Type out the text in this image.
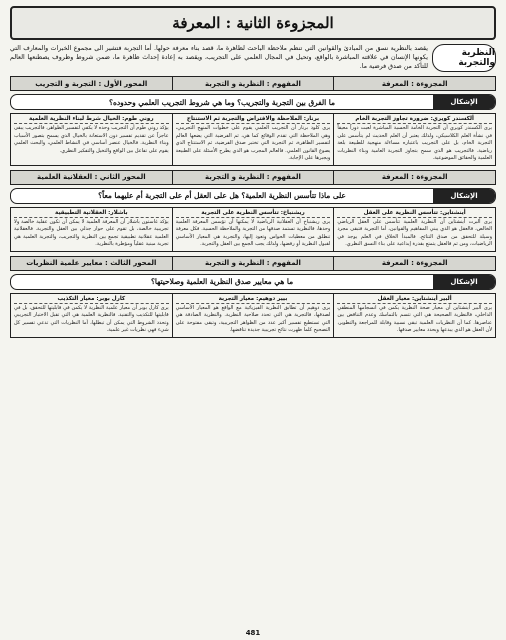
المجزوءة الثانية : المعرفة
النظرية والتجربة
يقصد بالنظرية نسق من المبادئ والقوانين التي تنظم ملاحظة الباحث لظاهرة ما، قصد بناء معرفة حولها. أما التجربة فتشير الى مجموع الخبرات والمعارف التي يكونها الإنسان في علاقته المباشرة بالواقع، وتحيل في المجال العلمي على التجريب، ويقصد به إعادة إحداث ظاهرة ما، ضمن شروط وظروف يصطنعها العالم للتأكد من صدق فرضية ما.
المجزوءة : المعرفة
المفهوم : النظرية و التجربة
المحور الأول : التجربة و التجريب
الإشكال
ما الفرق بين التجربة والتجريب؟ وما هي شروط التجريب العلمي وحدوده؟
ألكسندر كويري: ضرورة تجاوز التجربة الخام
يرى ألكسندر كويري أن التجربة الخامة الحسية المباشرة لعبت دوراً معيقاً في نشأة العلم الكلاسيكي، ولذلك يعتبر أن العلم الحديث لم يتأسس على التجربة الخام، بل على التجريب باعتباره مساءلة منهجية للطبيعة بلغة رياضية. فالتجريب هو الذي سمح بتجاوز التجربة العامية وبناء النظريات العلمية والحقائق الموضوعية.
برنار: الملاحظة والافتراض والتجربة ثم الاستنتاج
يرى كلود برنار أن التجريب العلمي يقوم على خطوات المنهج التجريبي، وهي الملاحظة التي تقدم الوقائع كما هي، ثم الفرضية التي يضعها العالم لتفسير الظاهرة، ثم التجربة التي تختبر صدق الفرضية، ثم الاستنتاج الذي يصوغ القانون العلمي. فالعالم المجرب هو الذي يطرح الأسئلة على الطبيعة ويجبرها على الإجابة.
روني طوم: الخيال شرط لبناء النظرية العلمية
يؤكد روني طوم أن التجريب وحده لا يكفي لتفسير الظواهر، فالتجريب يبقى عاجزاً عن تقديم تفسير دون الاستعانة بالخيال الذي يسمح بتصور الأسباب وبناء النظرية. فالخيال عنصر أساسي في النشاط العلمي، والبحث العلمي يقوم على تفاعل بين الواقع والتخيل والتفكير النظري.
المجزوءة : المعرفة
المفهوم : النظرية و التجربة
المحور الثاني : العقلانية العلمية
الإشكال
على ماذا تتأسس النظرية العلمية؟ هل على العقل أم على التجربة أم عليهما معاً؟
أينشتاين: تتأسس النظرية على العقل
يرى ألبرت أينشتاين أن النظرية العلمية تتأسس على العقل الرياضي الخالص، فالعقل هو الذي يبني المفاهيم والقوانين، أما التجربة فتبقى مجرد وسيلة للتحقق من صدق النتائج. فالمبدأ الخلاق في العلم يوجد في الرياضيات، ومن ثم فالعقل يتمتع بقدرة إبداعية على بناء النسق النظري.
ريشنباخ: تتأسس النظرية على التجربة
يرى ريشنباخ أن العقلانية الرياضية لا يمكنها أن تؤسس المعرفة العلمية وحدها، فالنظرية تستمد صدقها من التجربة والملاحظة الحسية. فكل معرفة تنطلق من معطيات الحواس وتعود إليها، والتجربة هي المعيار الأساسي لقبول النظرية أو رفضها، ولذلك يجب الجمع بين العقل والتجربة.
باشلار: العقلانية التطبيقية
يؤكد غاستون باشلار أن المعرفة العلمية لا يمكن أن تكون عقلية خالصة ولا تجريبية خالصة، بل تقوم على حوار جدلي بين العقل والتجربة. فالعقلانية العلمية عقلانية تطبيقية تجمع بين النظرية والتجريب، والتجربة العلمية هي تجربة مبنية عقلياً ومؤطرة بالنظرية.
المجزوءة : المعرفة
المفهوم : النظرية و التجربة
المحور الثالث : معايير علمية النظريات
الإشكال
ما هي معايير صدق النظرية العلمية وصلاحيتها؟
ألبير أينشتاين: معيار العقل
يرى ألبير أينشتاين أن معيار صحة النظرية يكمن في انسجامها المنطقي الداخلي، فالنظرية الصحيحة هي التي تتسم بالتماسك وعدم التناقض بين عناصرها. كما أن النظريات العلمية تبقى نسبية وقابلة للمراجعة والتطوير، لأن العقل هو الذي يبدعها ويحدد معايير صدقها.
بيير دوهيم: معيار التجربة
يرى دوهيم أن تطابق النظرية الفيزيائية مع الواقع هو المعيار الأساسي لصدقها، فالتجربة هي التي تحدد صلاحية النظرية. والنظرية الصادقة هي التي تستطيع تفسير أكبر عدد من الظواهر التجريبية، وتبقى مفتوحة على التصحيح كلما ظهرت نتائج تجريبية جديدة تناقضها.
كارل بوبر: معيار التكذيب
يرى كارل بوبر أن معيار علمية النظرية لا يكمن في قابليتها للتحقق، بل في قابليتها للتكذيب والتفنيد. فالنظرية العلمية هي التي تقبل الاختبار التجريبي وتحدد الشروط التي يمكن أن تبطلها، أما النظريات التي تدعي تفسير كل شيء فهي نظريات غير علمية.
481
